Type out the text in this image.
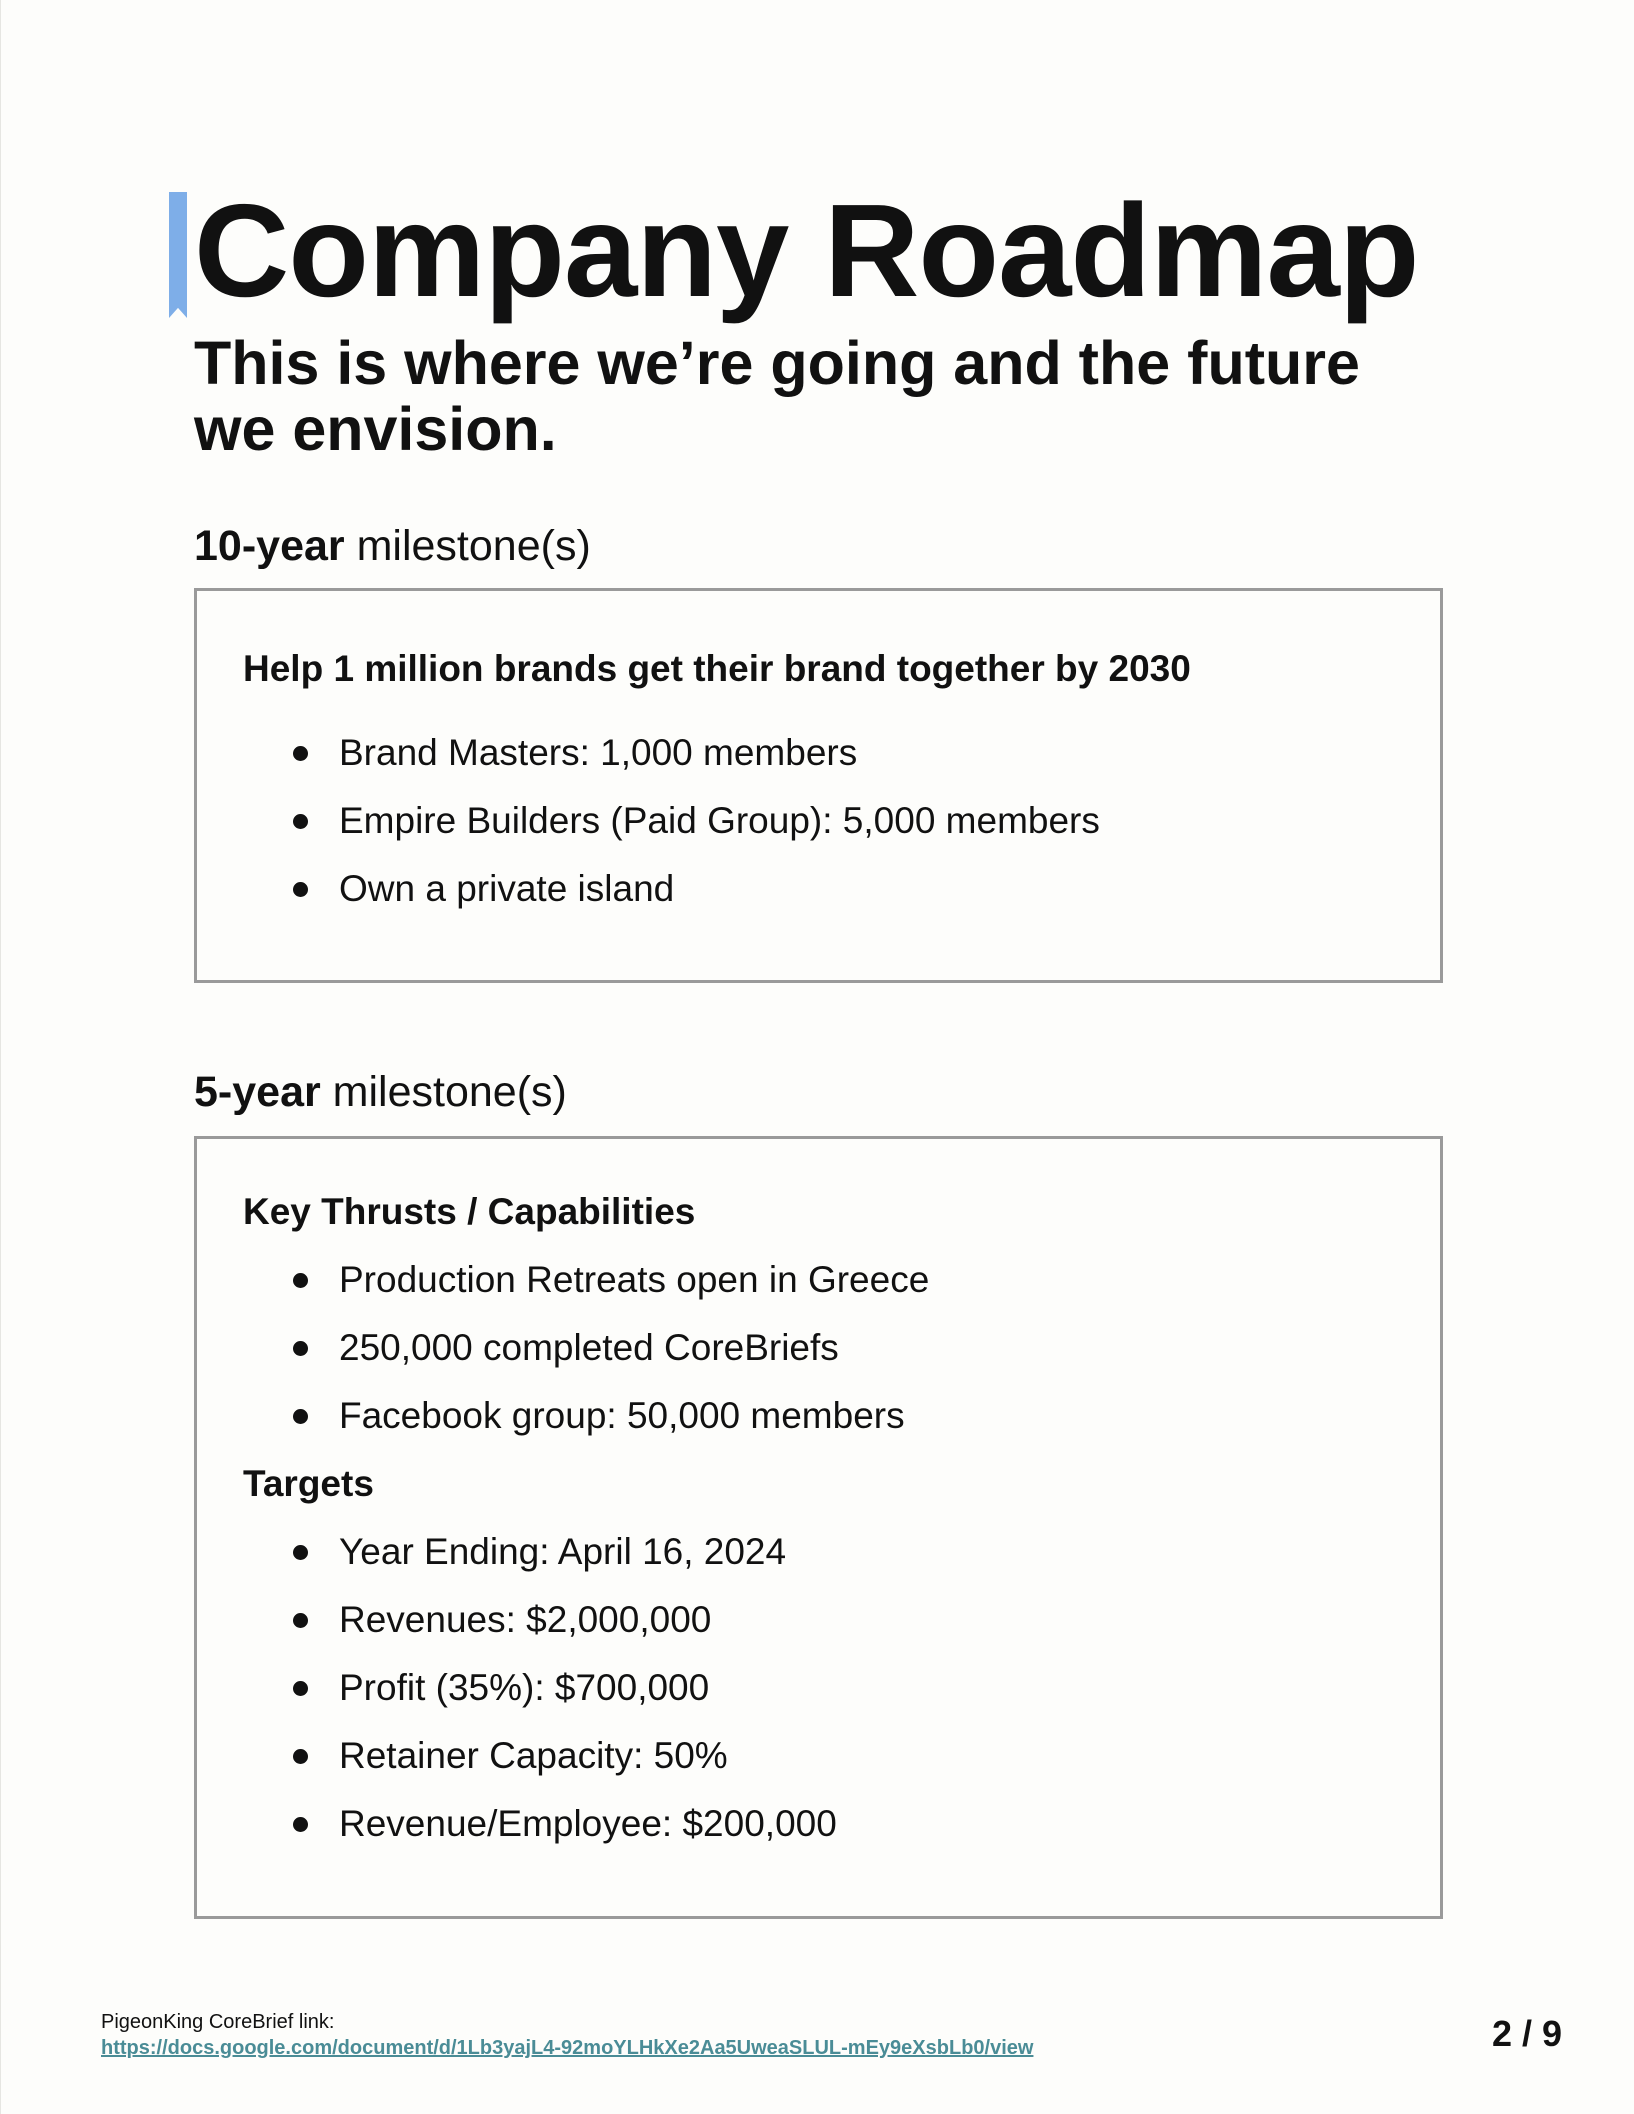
Company Roadmap
This is where we’re going and the future we envision.
10-year milestone(s)

Help 1 million brands get their brand together by 2030

Brand Masters: 1,000 members
Empire Builders (Paid Group): 5,000 members
Own a private island
5-year milestone(s)

Key Thrusts / Capabilities

Production Retreats open in Greece
250,000 completed CoreBriefs
Facebook group: 50,000 members

Targets

Year Ending: April 16, 2024
Revenues: $2,000,000
Profit (35%): $700,000
Retainer Capacity: 50%
Revenue/Employee: $200,000
PigeonKing CoreBrief link:
https://docs.google.com/document/d/1Lb3yajL4-92moYLHkXe2Aa5UweaSLUL-mEy9eXsbLb0/view	2 / 9
